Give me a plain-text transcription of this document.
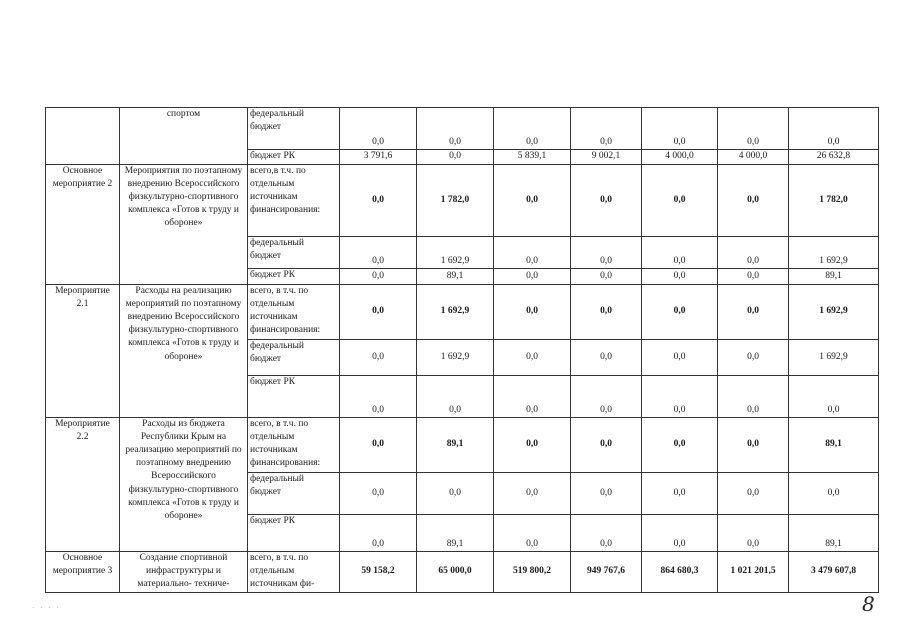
	спортом	федеральный бюджет	0,0	0,0	0,0	0,0	0,0	0,0	0,0
		бюджет РК	3 791,6	0,0	5 839,1	9 002,1	4 000,0	4 000,0	26 632,8
Основное мероприятие 2	Мероприятия по поэтапному внедрению Всероссийского физкультурно-спортивного комплекса «Готов к труду и обороне»	всего,в т.ч. по отдельным источникам финансирования:	0,0	1 782,0	0,0	0,0	0,0	0,0	1 782,0
		федеральный бюджет	0,0	1 692,9	0,0	0,0	0,0	0,0	1 692,9
		бюджет РК	0,0	89,1	0,0	0,0	0,0	0,0	89,1
Мероприятие 2.1	Расходы на реализацию мероприятий по поэтапному внедрению Всероссийского физкультурно-спортивного комплекса «Готов к труду и обороне»	всего, в т.ч. по отдельным источникам финансирования:	0,0	1 692,9	0,0	0,0	0,0	0,0	1 692,9
		федеральный бюджет	0,0	1 692,9	0,0	0,0	0,0	0,0	1 692,9
		бюджет РК	0,0	0,0	0,0	0,0	0,0	0,0	0,0
Мероприятие 2.2	Расходы из бюджета Республики Крым на реализацию мероприятий по поэтапному внедрению Всероссийского физкультурно-спортивного комплекса «Готов к труду и обороне»	всего, в т.ч. по отдельным источникам финансирования:	0,0	89,1	0,0	0,0	0,0	0,0	89,1
		федеральный бюджет	0,0	0,0	0,0	0,0	0,0	0,0	0,0
		бюджет РК	0,0	89,1	0,0	0,0	0,0	0,0	89,1
Основное мероприятие 3	Создание спортивной инфраструктуры и материально- техниче-	всего, в т.ч. по отдельным источникам фи-	59 158,2	65 000,0	519 800,2	949 767,6	864 680,3	1 021 201,5	3 479 607,8
· · · ·	8
